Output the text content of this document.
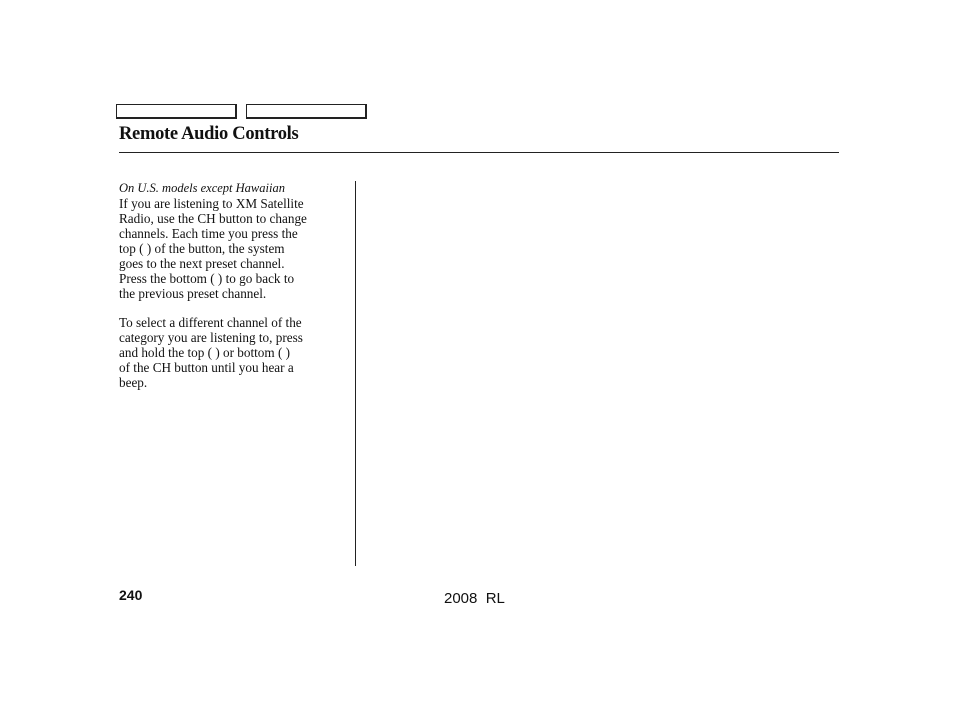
Remote Audio Controls

On U.S. models except Hawaiian

If you are listening to XM Satellite
Radio, use the CH button to change
channels. Each time you press the
top ( ) of the button, the system
goes to the next preset channel.
Press the bottom ( ) to go back to
the previous preset channel.

To select a different channel of the
category you are listening to, press
and hold the top ( ) or bottom ( )
of the CH button until you hear a
beep.

240	2008  RL
